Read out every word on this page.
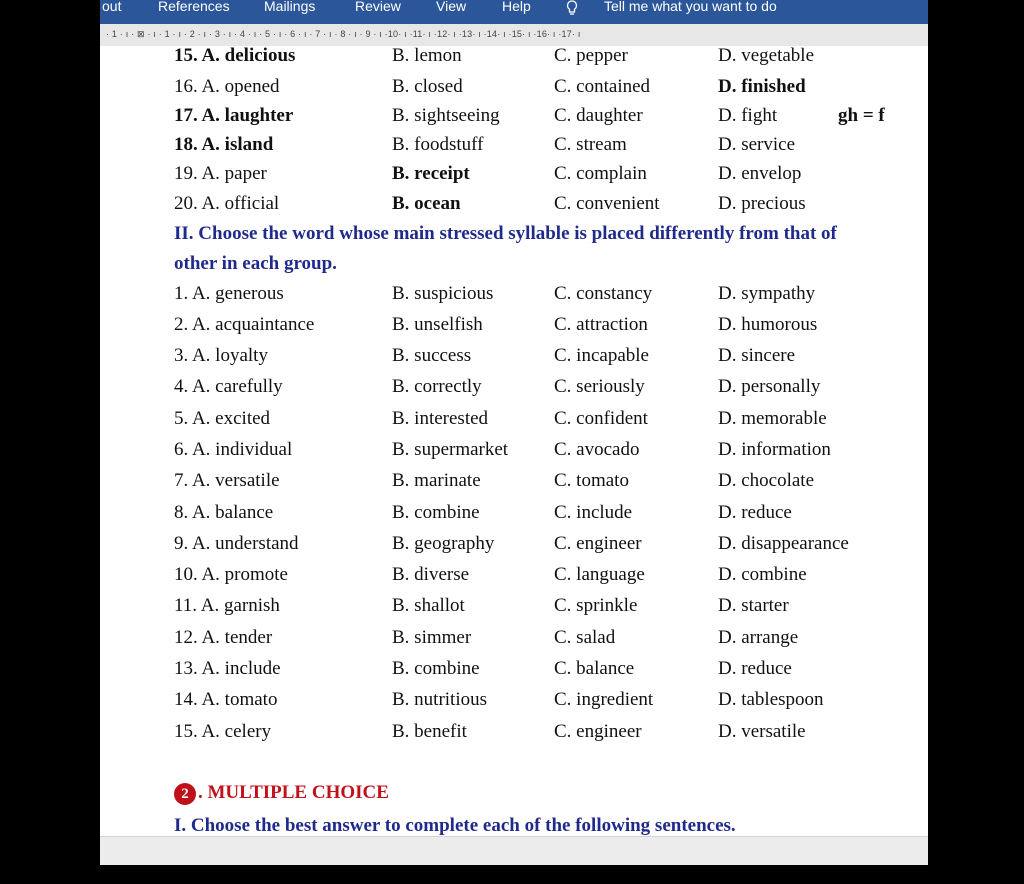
out	References Mailings	Review	View	Help	Tell me what you want to do
· 1 · ı · ⊠ · ı · 1 · ı · 2 · ı · 3 · ı · 4 · ı · 5 · ı · 6 · ı · 7 · ı · 8 · ı · 9 · ı ·10· ı ·11· ı ·12· ı ·13· ı ·14· ı ·15· ı ·16· ı ·17· ı
15. A. delicious	B. lemon	C. pepper	D. vegetable
16. A. opened	B. closed	C. contained	D. finished
17. A. laughter	B. sightseeing	C. daughter	D. fight	gh = f
18. A. island	B. foodstuff	C. stream	D. service
19. A. paper	B. receipt	C. complain	D. envelop
20. A. official	B. ocean	C. convenient	D. precious
II. Choose the word whose main stressed syllable is placed differently from that of
other in each group.
1. A. generous	B. suspicious	C. constancy	D. sympathy
2. A. acquaintance	B. unselfish	C. attraction	D. humorous
3. A. loyalty	B. success	C. incapable	D. sincere
4. A. carefully	B. correctly	C. seriously	D. personally
5. A. excited	B. interested	C. confident	D. memorable
6. A. individual	B. supermarket C. avocado	D. information
7. A. versatile	B. marinate	C. tomato	D. chocolate
8. A. balance	B. combine	C. include	D. reduce
9. A. understand	B. geography	C. engineer	D. disappearance
10. A. promote	B. diverse	C. language	D. combine
11. A. garnish	B. shallot	C. sprinkle	D. starter
12. A. tender	B. simmer	C. salad	D. arrange
13. A. include	B. combine	C. balance	D. reduce
14. A. tomato	B. nutritious	C. ingredient	D. tablespoon
15. A. celery	B. benefit	C. engineer	D. versatile
2 . MULTIPLE CHOICE
I. Choose the best answer to complete each of the following sentences.
